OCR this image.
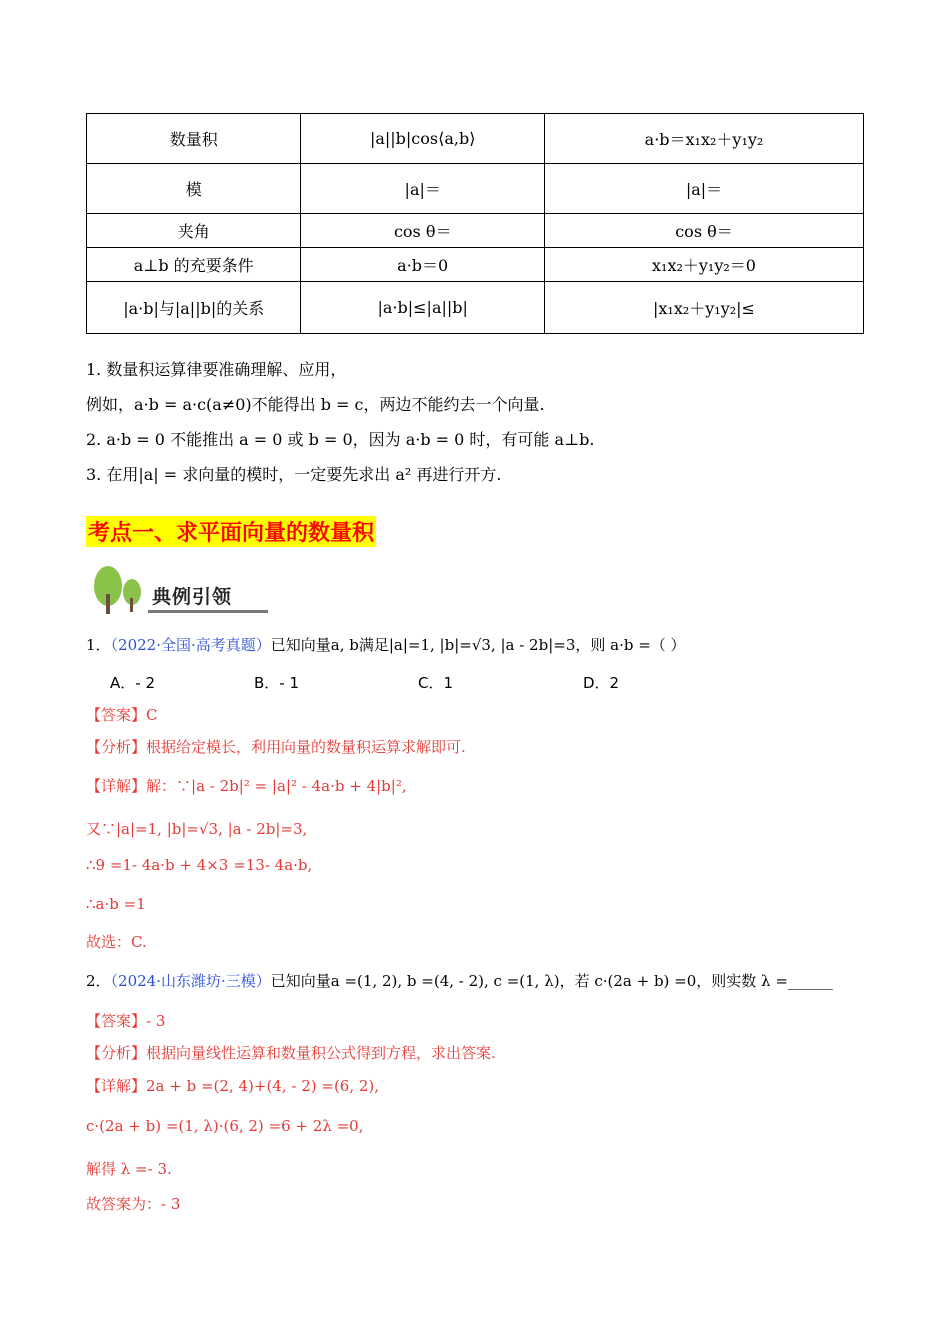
数量积	|a||b|cos⟨a,b⟩	a·b＝x₁x₂＋y₁y₂
模	|a|＝	|a|＝
夹角	cos θ＝	cos θ＝
a⊥b 的充要条件	a·b＝0	x₁x₂＋y₁y₂＝0
|a·b|与|a||b|的关系	|a·b|≤|a||b|	|x₁x₂＋y₁y₂|≤
1. 数量积运算律要准确理解、应用，
例如，a·b = a·c(a≠0)不能得出 b = c，两边不能约去一个向量.
2. a·b = 0 不能推出 a = 0 或 b = 0，因为 a·b = 0 时，有可能 a⊥b.
3. 在用|a| = 求向量的模时，一定要先求出 a² 再进行开方.
考点一、求平面向量的数量积
典例引领
1．（2022·全国·高考真题）已知向量a, b满足|a|=1, |b|=√3, |a - 2b|=3，则 a·b =（ ）
A．- 2	B．- 1	C．1	D．2
【答案】C
【分析】根据给定模长，利用向量的数量积运算求解即可.
【详解】解：∵|a - 2b|² = |a|² - 4a·b + 4|b|²,
又∵|a|=1, |b|=√3, |a - 2b|=3,
∴9 =1- 4a·b + 4×3 =13- 4a·b,
∴a·b =1
故选：C.
2．（2024·山东潍坊·三模）已知向量a =(1, 2), b =(4, - 2), c =(1, λ)，若 c·(2a + b) =0，则实数 λ =______
【答案】- 3
【分析】根据向量线性运算和数量积公式得到方程，求出答案.
【详解】2a + b =(2, 4)+(4, - 2) =(6, 2),
c·(2a + b) =(1, λ)·(6, 2) =6 + 2λ =0,
解得 λ =- 3.
故答案为：- 3
